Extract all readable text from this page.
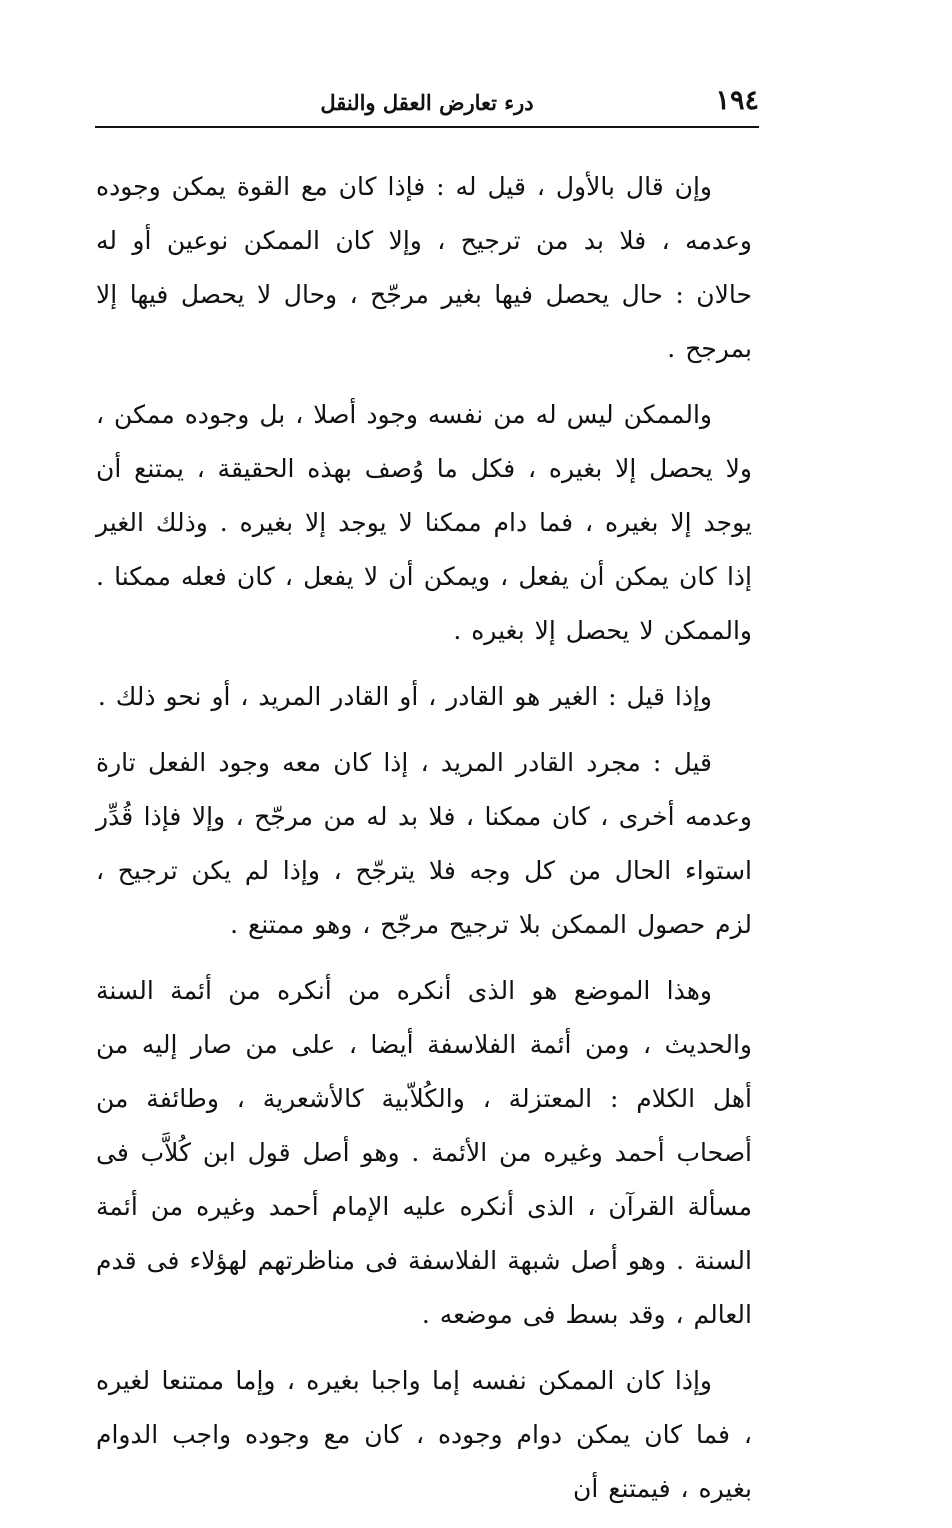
١٩٤
درء تعارض العقل والنقل

وإن قال بالأول ، قيل له : فإذا كان مع القوة يمكن وجوده وعدمه ، فلا بد من ترجيح ، وإلا كان الممكن نوعين أو له حالان : حال يحصل فيها بغير مرجّح ، وحال لا يحصل فيها إلا بمرجح .

والممكن ليس له من نفسه وجود أصلا ، بل وجوده ممكن ، ولا يحصل إلا بغيره ، فكل ما وُصف بهذه الحقيقة ، يمتنع أن يوجد إلا بغيره ، فما دام ممكنا لا يوجد إلا بغيره . وذلك الغير إذا كان يمكن أن يفعل ، ويمكن أن لا يفعل ، كان فعله ممكنا . والممكن لا يحصل إلا بغيره .

وإذا قيل : الغير هو القادر ، أو القادر المريد ، أو نحو ذلك .

قيل : مجرد القادر المريد ، إذا كان معه وجود الفعل تارة وعدمه أخرى ، كان ممكنا ، فلا بد له من مرجّح ، وإلا فإذا قُدِّر استواء الحال من كل وجه فلا يترجّح ، وإذا لم يكن ترجيح ، لزم حصول الممكن بلا ترجيح مرجّح ، وهو ممتنع .

وهذا الموضع هو الذى أنكره من أنكره من أئمة السنة والحديث ، ومن أئمة الفلاسفة أيضا ، على من صار إليه من أهل الكلام : المعتزلة ، والكُلاّبية كالأشعرية ، وطائفة من أصحاب أحمد وغيره من الأئمة . وهو أصل قول ابن كُلاَّب فى مسألة القرآن ، الذى أنكره عليه الإمام أحمد وغيره من أئمة السنة . وهو أصل شبهة الفلاسفة فى مناظرتهم لهؤلاء فى قدم العالم ، وقد بسط فى موضعه .

وإذا كان الممكن نفسه إما واجبا بغيره ، وإما ممتنعا لغيره ، فما كان يمكن دوام وجوده ، كان مع وجوده واجب الدوام بغيره ، فيمتنع أن
